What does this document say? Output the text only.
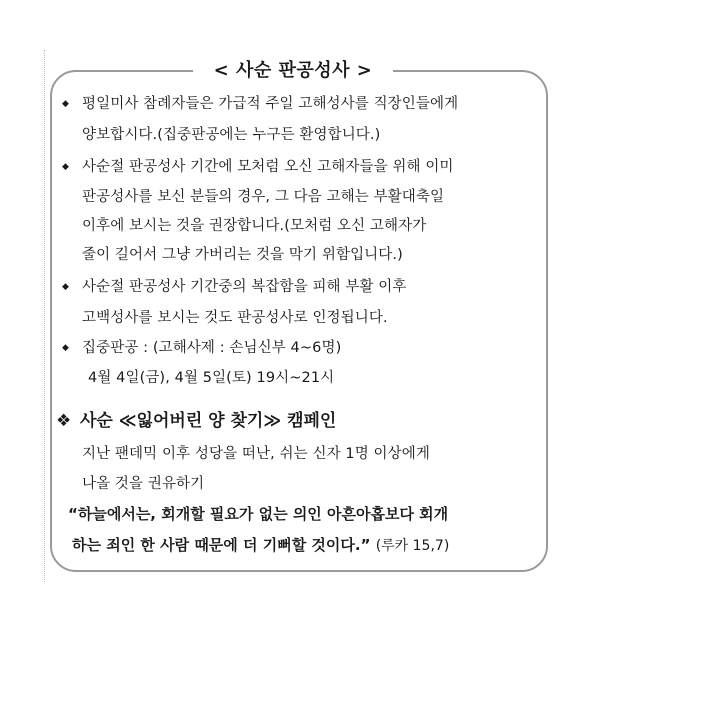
< 사순 판공성사 >
◆ 평일미사 참례자들은 가급적 주일 고해성사를 직장인들에게
양보합시다.(집중판공에는 누구든 환영합니다.)
◆ 사순절 판공성사 기간에 모처럼 오신 고해자들을 위해 이미
판공성사를 보신 분들의 경우, 그 다음 고해는 부활대축일
이후에 보시는 것을 권장합니다.(모처럼 오신 고해자가
줄이 길어서 그냥 가버리는 것을 막기 위함입니다.)
◆ 사순절 판공성사 기간중의 복잡함을 피해 부활 이후
고백성사를 보시는 것도 판공성사로 인정됩니다.
◆ 집중판공 : (고해사제 : 손님신부 4~6명)
4월 4일(금), 4월 5일(토) 19시~21시
❖ 사순 ≪잃어버린 양 찾기≫ 캠페인
지난 팬데믹 이후 성당을 떠난, 쉬는 신자 1명 이상에게
나올 것을 권유하기
“하늘에서는, 회개할 필요가 없는 의인 아흔아홉보다 회개
하는 죄인 한 사람 때문에 더 기뻐할 것이다.” (루카 15,7)
